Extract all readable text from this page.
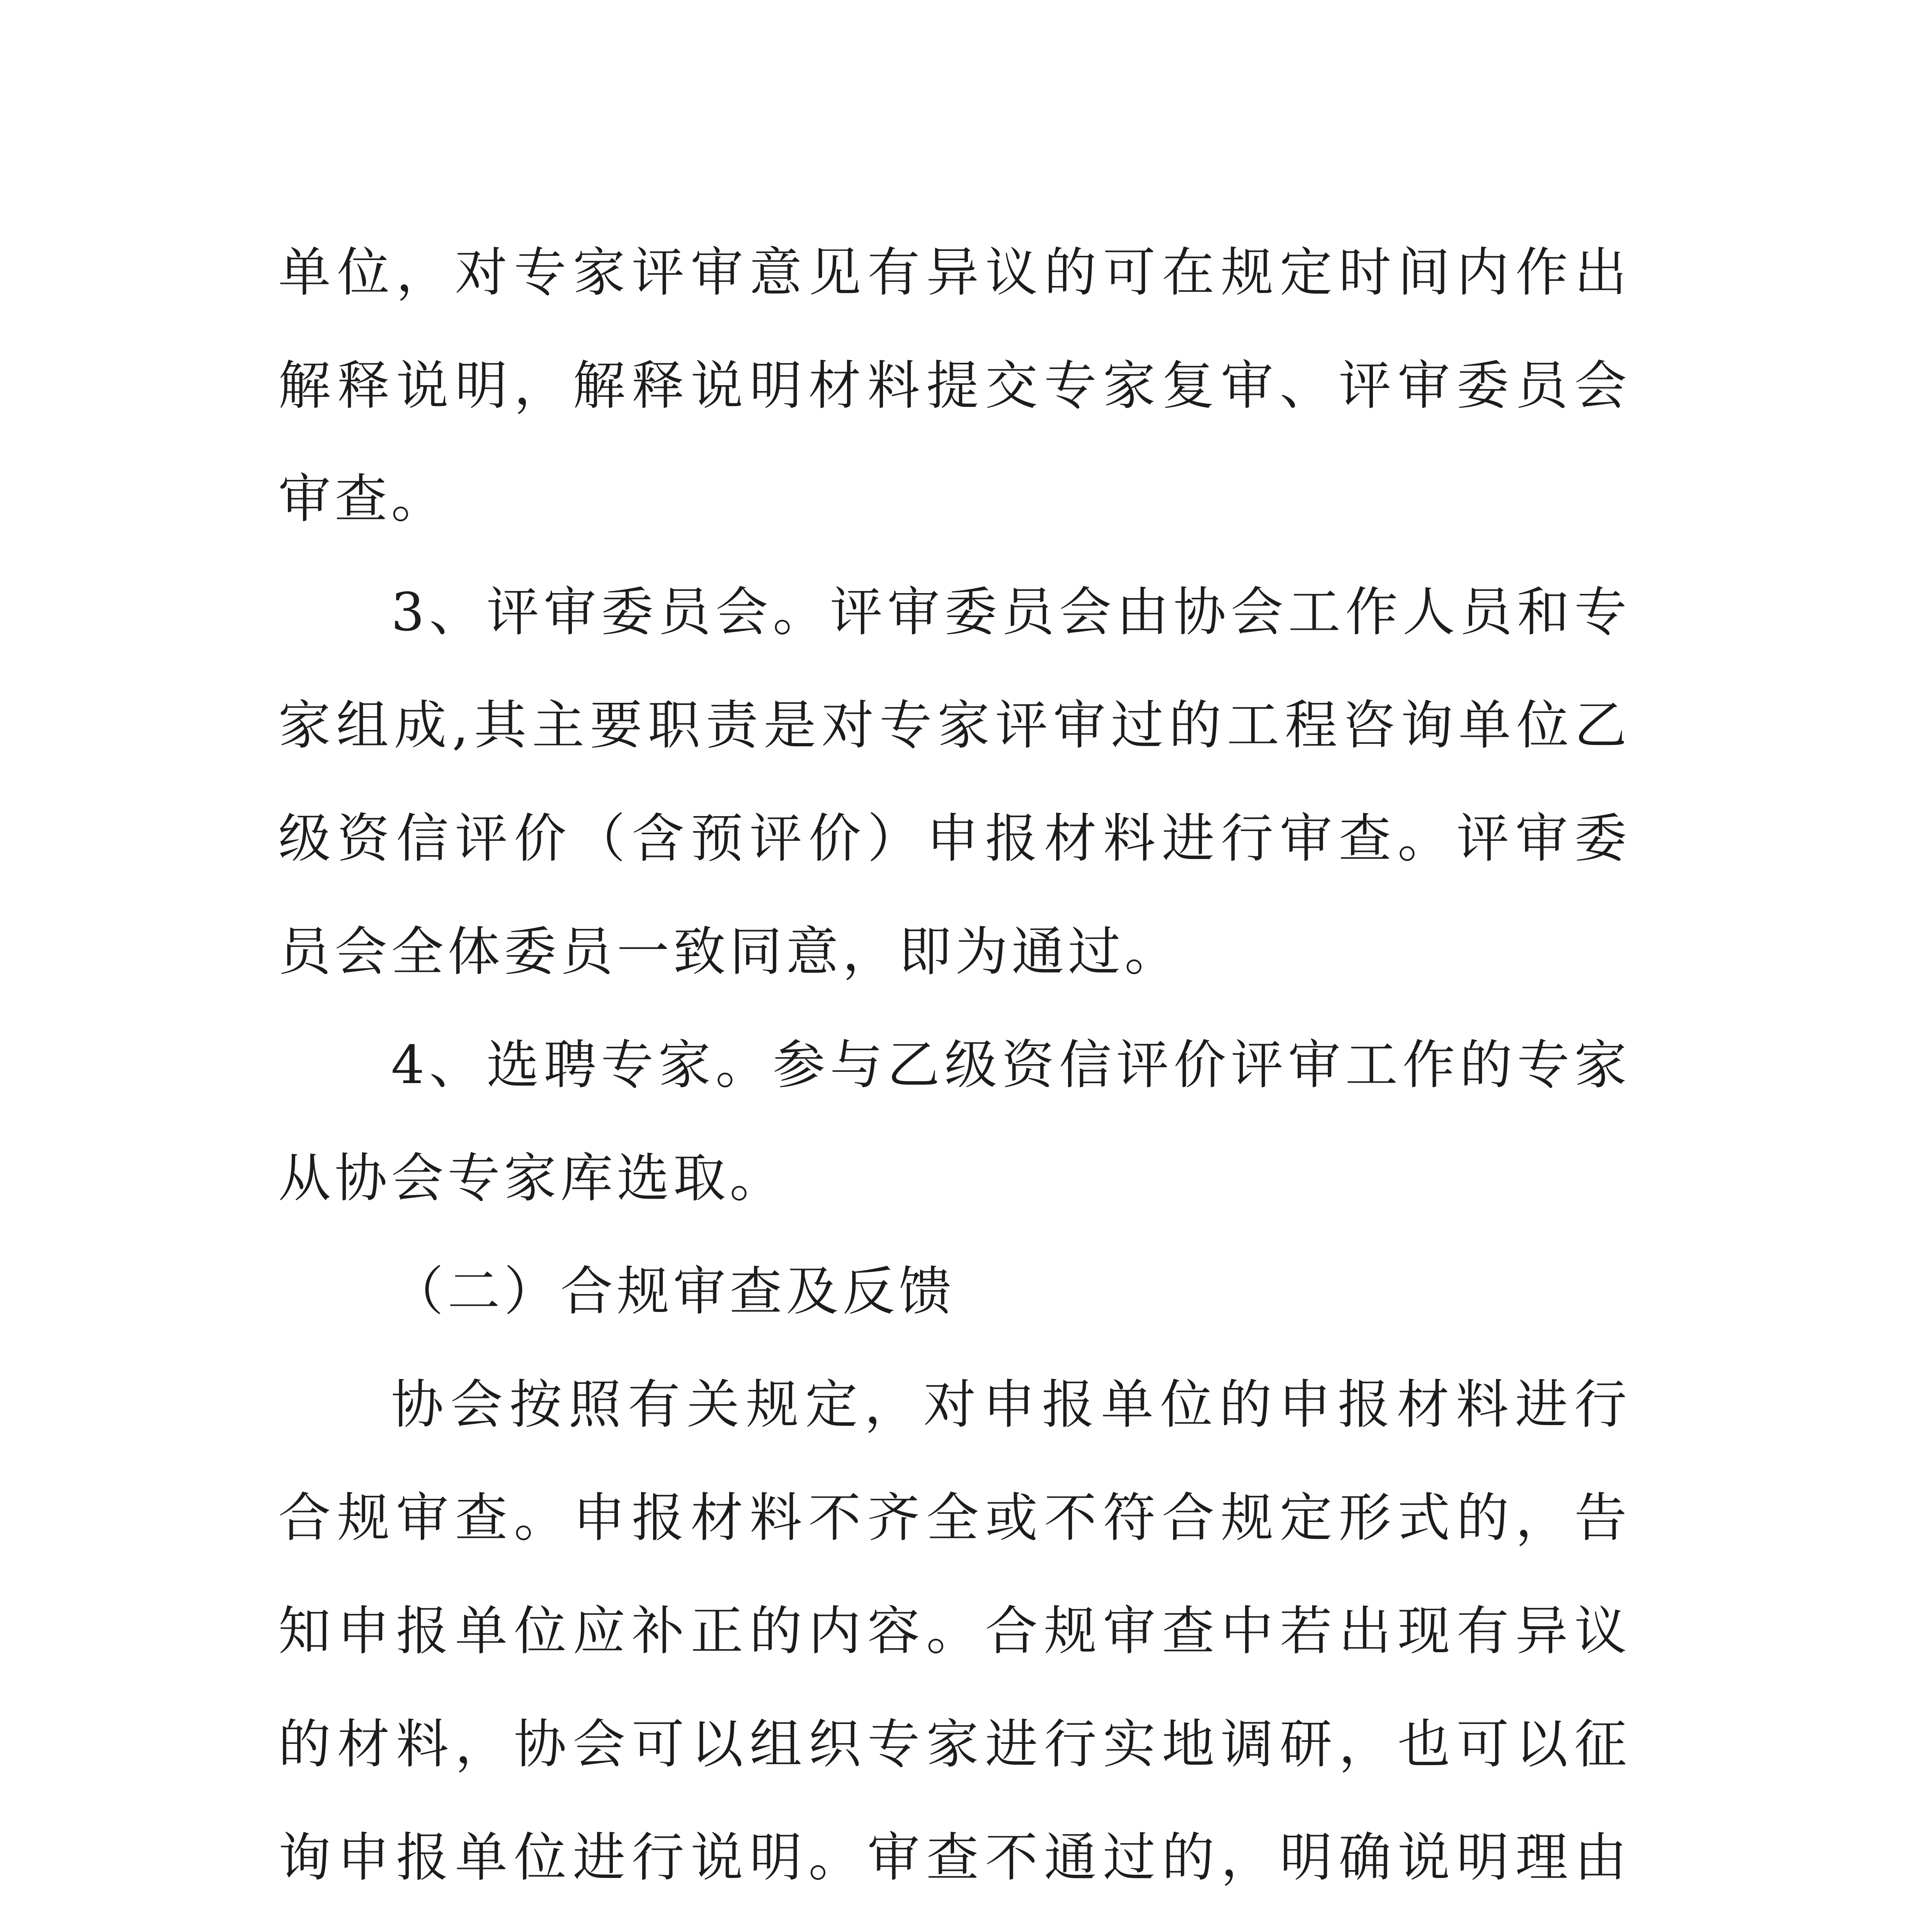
单位，对专家评审意见有异议的可在规定时间内作出解释说明，解释说明材料提交专家复审、评审委员会审查。

3、评审委员会。评审委员会由协会工作人员和专家组成,其主要职责是对专家评审过的工程咨询单位乙级资信评价（含预评价）申报材料进行审查。评审委员会全体委员一致同意，即为通过。

4、选聘专家。参与乙级资信评价评审工作的专家从协会专家库选取。

（二）合规审查及反馈

协会按照有关规定，对申报单位的申报材料进行合规审查。申报材料不齐全或不符合规定形式的，告知申报单位应补正的内容。合规审查中若出现有异议的材料，协会可以组织专家进行实地调研，也可以征询申报单位进行说明。审查不通过的，明确说明理由
